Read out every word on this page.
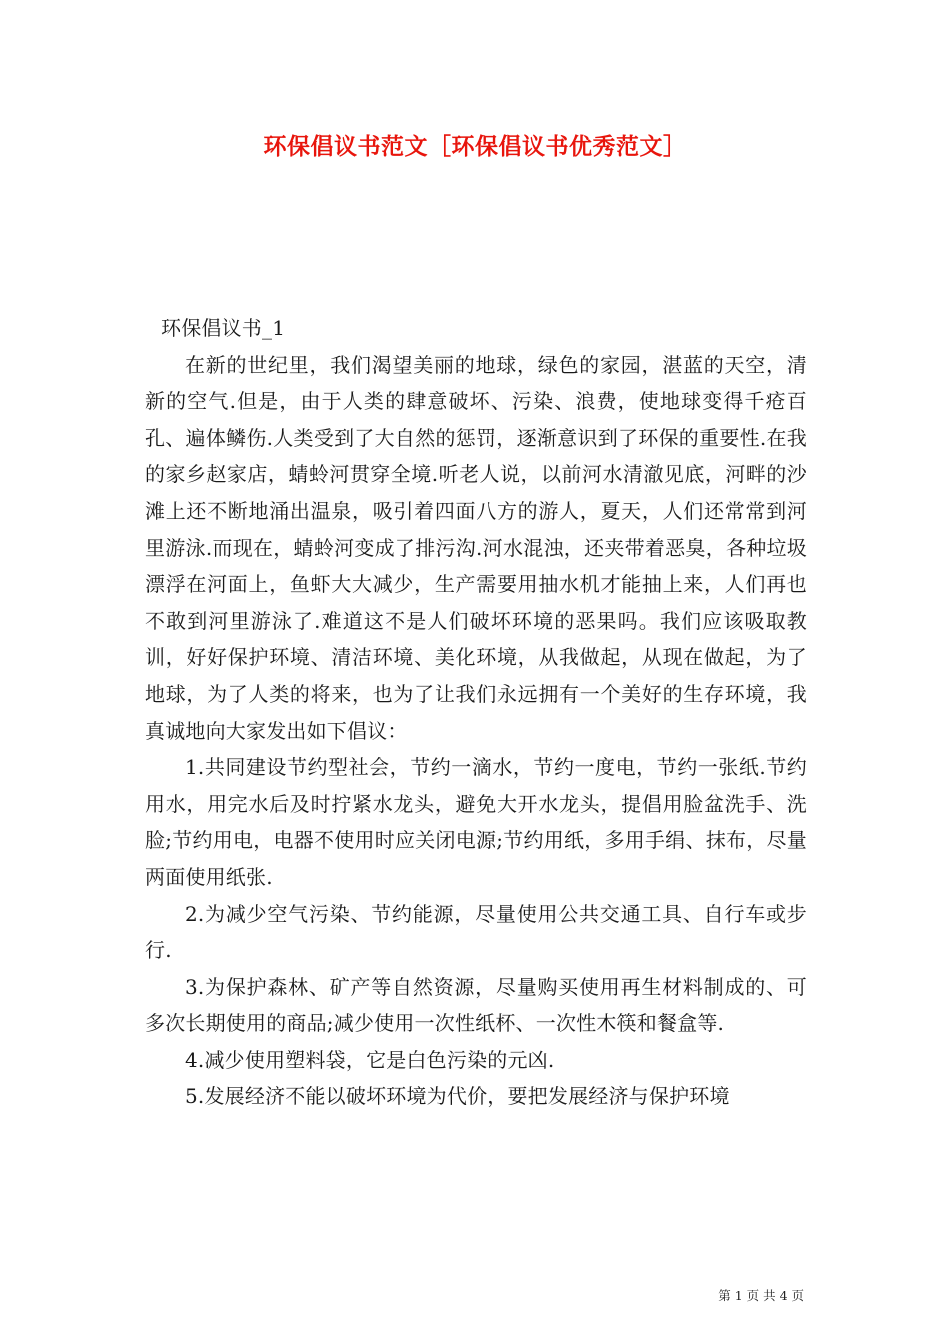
环保倡议书范文［环保倡议书优秀范文］

环保倡议书_1

在新的世纪里，我们渴望美丽的地球，绿色的家园，湛蓝的天空，清新的空气.但是，由于人类的肆意破坏、污染、浪费，使地球变得千疮百孔、遍体鳞伤.人类受到了大自然的惩罚，逐渐意识到了环保的重要性.在我的家乡赵家店，蜻蛉河贯穿全境.听老人说，以前河水清澈见底，河畔的沙滩上还不断地涌出温泉，吸引着四面八方的游人，夏天，人们还常常到河里游泳.而现在，蜻蛉河变成了排污沟.河水混浊，还夹带着恶臭，各种垃圾漂浮在河面上，鱼虾大大减少，生产需要用抽水机才能抽上来，人们再也不敢到河里游泳了.难道这不是人们破坏环境的恶果吗。我们应该吸取教训，好好保护环境、清洁环境、美化环境，从我做起，从现在做起，为了地球，为了人类的将来，也为了让我们永远拥有一个美好的生存环境，我真诚地向大家发出如下倡议：

1.共同建设节约型社会，节约一滴水，节约一度电，节约一张纸.节约用水，用完水后及时拧紧水龙头，避免大开水龙头，提倡用脸盆洗手、洗脸;节约用电，电器不使用时应关闭电源;节约用纸，多用手绢、抹布，尽量两面使用纸张.

2.为减少空气污染、节约能源，尽量使用公共交通工具、自行车或步行.

3.为保护森林、矿产等自然资源，尽量购买使用再生材料制成的、可多次长期使用的商品;减少使用一次性纸杯、一次性木筷和餐盒等.

4.减少使用塑料袋，它是白色污染的元凶.

5.发展经济不能以破坏环境为代价，要把发展经济与保护环境

第 1 页 共 4 页
